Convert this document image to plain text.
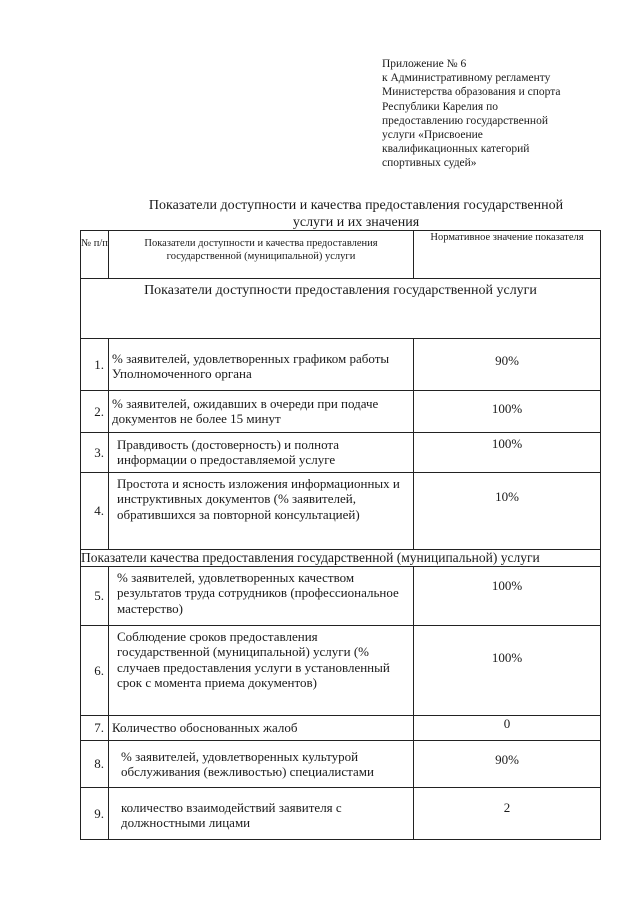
Приложение № 6
к Административному регламенту
Министерства образования и спорта
Республики Карелия по
предоставлению государственной
услуги «Присвоение
квалификационных категорий
спортивных судей»
Показатели доступности и качества предоставления государственной
услуги и их значения
№ п/п	Показатели доступности и качества предоставления государственной (муниципальной) услуги	Нормативное значение показателя
Показатели доступности предоставления государственной услуги		
1.	% заявителей, удовлетворенных графиком работы Уполномоченного органа	90%
2.	% заявителей, ожидавших в очереди при подаче документов не более 15 минут	100%
3.	Правдивость (достоверность) и полнота информации о предоставляемой услуге	100%
4.	Простота и ясность изложения информационных и инструктивных документов (% заявителей, обратившихся за повторной консультацией)	10%
Показатели качества предоставления государственной (муниципальной) услуги		
5.	% заявителей, удовлетворенных качеством результатов труда сотрудников (профессиональное мастерство)	100%
6.	Соблюдение сроков предоставления государственной (муниципальной) услуги (% случаев предоставления услуги в установленный срок с момента приема документов)	100%
7.	Количество обоснованных жалоб	0
8.	% заявителей, удовлетворенных культурой обслуживания (вежливостью) специалистами	90%
9.	количество взаимодействий заявителя с должностными лицами	2
